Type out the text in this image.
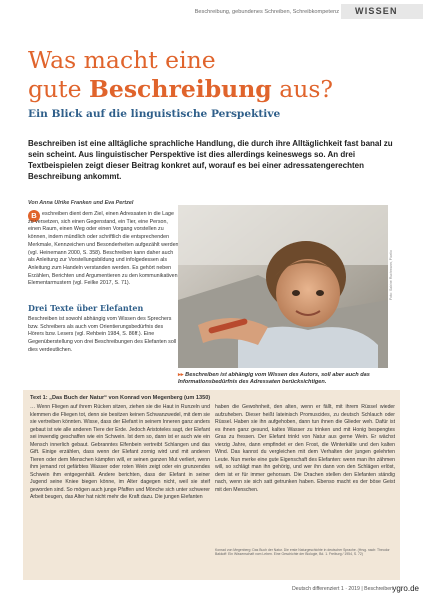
Beschreibung, gebundenes Schreiben, Schreibkompetenz WISSEN
Was macht eine
gute Beschreibung aus?
Ein Blick auf die linguistische Perspektive
Beschreiben ist eine alltägliche sprachliche Handlung, die durch ihre Alltäglichkeit fast banal zu sein scheint. Aus linguistischer Perspektive ist dies allerdings keineswegs so. An drei Textbeispielen zeigt dieser Beitrag konkret auf, worauf es bei einer adressatengerechten Beschreibung ankommt.
Von Anna Ulrike Franken und Eva Pertzel
B eschreiben dient dem Ziel, einen Adressaten in die Lage zu versetzen, sich einen Gegenstand, ein Tier, eine Person, einen Raum, einen Weg oder einen Vorgang vorstellen zu können, indem mündlich oder schriftlich die entsprechenden Merkmale, Kennzeichen und Besonderheiten aufgezählt werden (vgl. Heinemann 2000, S. 358). Beschreiben kann daher auch als Anleitung zur Vorstellungsbildung und infolgedessen als Anleitung zum Handeln verstanden werden. Es gehört neben Erzählen, Berichten und Argumentieren zu den kommunikativen Elementarmustern (vgl. Feilke 2017, S. 71).
Drei Texte über Elefanten
Beschreiben ist sowohl abhängig vom Wissen des Sprechers bzw. Schreibers als auch vom Orientierungsbedürfnis des Hörers bzw. Lesers (vgl. Rehbein 1984, S. 86ff.). Eine Gegenüberstellung von drei Beschreibungen des Elefanten soll dies verdeutlichen.
Foto: Sabine Ruchmann, Pixelio
▸▸ Beschreiben ist abhängig vom Wissen des Autors, soll aber auch das Informationsbedürfnis des Adressaten berücksichtigen.
Text 1: „Das Buch der Natur“ von Konrad von Megenberg (um 1350)
… Wenn Fliegen auf ihrem Rücken sitzen, ziehen sie die Haut in Runzeln und klemmen die Fliegen tot, denn sie besitzen keinen Schwanzwedel, mit dem sie sie vertreiben könnten. Wisse, dass der Elefant in seinem Inneren ganz anders gebaut ist wie alle anderen Tiere der Erde. Jedoch Aristoteles sagt, der Elefant sei inwendig geschaffen wie ein Schwein. Ist dem so, dann ist er auch wie ein Mensch innerlich gebaut. Gebranntes Elfenbein vertreibt Schlangen und das Gift. Einige erzählen, dass wenn der Elefant zornig wird und mit anderen Tieren oder dem Menschen kämpfen will, er seinen ganzen Mut verliert, wenn ihm jemand rot gefärbtes Wasser oder roten Wein zeigt oder ein grunzendes Schwein ihm entgegenhält. Andere berichten, dass der Elefant in seiner Jugend seine Kniee biegen könne, im Alter dagegen nicht, weil sie steif geworden sind. So mögen auch junge Pfaffen und Mönche sich unter schwerer Arbeit beugen, das Alter hat nicht mehr die Kraft dazu. Die jungen Elefanten
haben die Gewohnheit, den alten, wenn er fällt, mit ihrem Rüssel wieder aufzuheben. Dieser heißt lateinisch Promuscides, zu deutsch Schlauch oder Rüssel. Haben sie ihn aufgehoben, dann tun ihnen die Glieder weh. Dafür ist es ihnen ganz gesund, kaltes Wasser zu trinken und mit Honig bespengtes Gras zu fressen. Der Elefant trinkt von Natur aus gerne Wein. Er wächst vierzig Jahre, dann empfindet er den Frost, die Winterkälte und den kalten Wind. Das kannst du vergleichen mit dem Verhalten der jungen gelehrten Leute. Nun merke eine gute Eigenschaft des Elefanten: wenn man ihn zähmen will, so schlägt man ihn gehörig, und wer ihn dann von den Schlägen erlöst, dem ist er für immer gehorsam. Die Drachen stellen den Elefanten ständig nach, wenn sie sich satt getrunken haben. Ebenso macht es der böse Geist mit den Menschen.
Konrad von Megenberg: Das Buch der Natur. Die erste Naturgeschichte in deutscher Sprache. (Hrsg. nach: Theodor Bakkoff: Ein Wissenschaft vom Leben. Eine Geschichte der Biologie, Bd. 1. Freiburg / 1954, S. 72)
Deutsch differenziert 1 · 2019 | Beschreiben ygro.de
